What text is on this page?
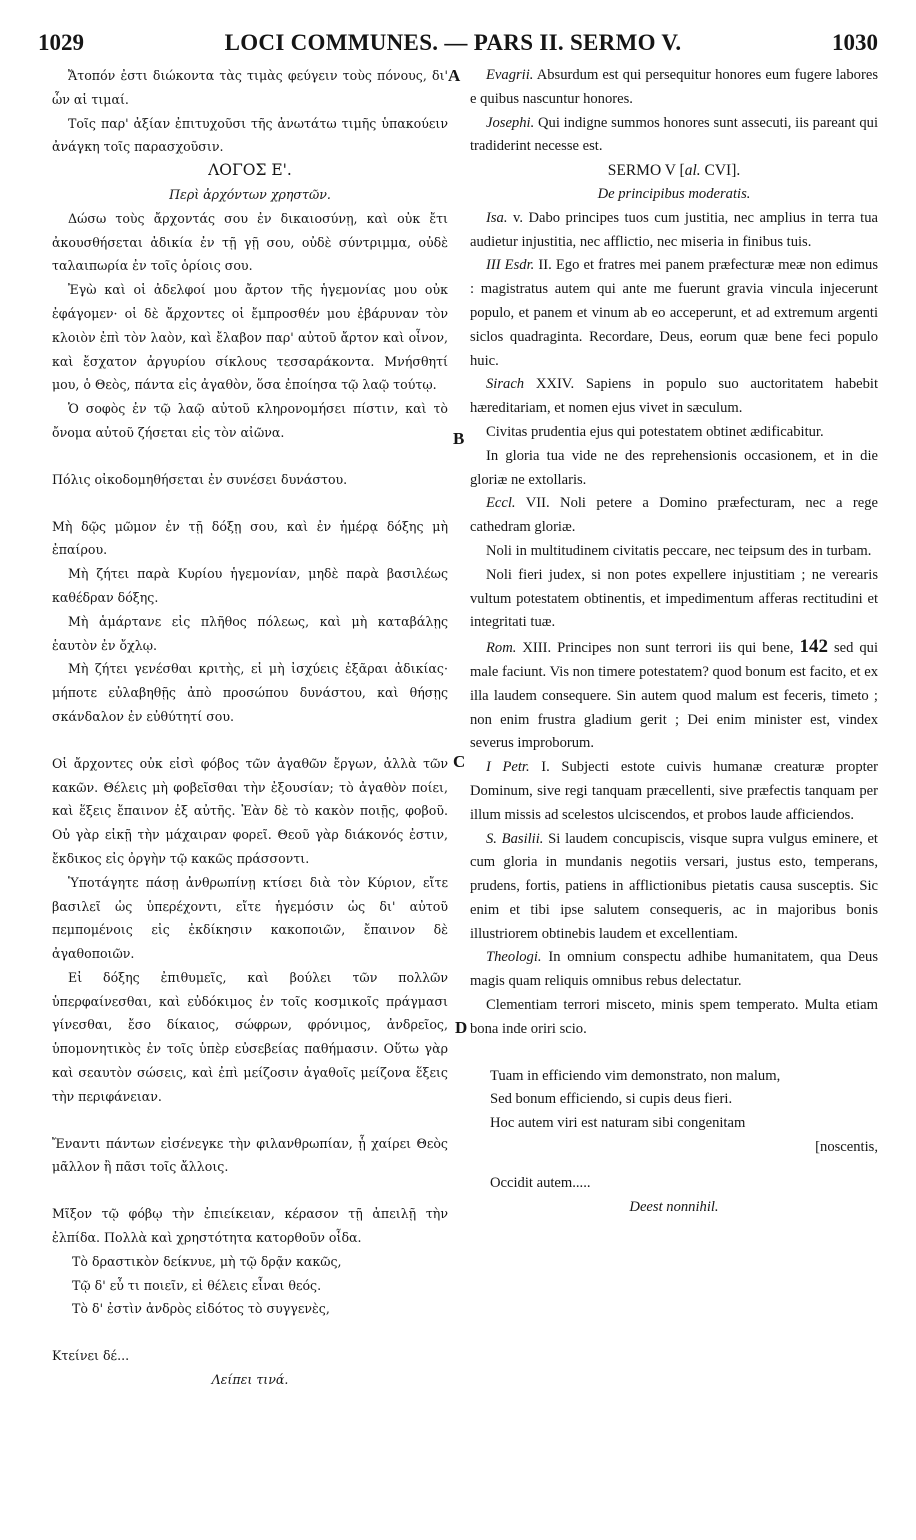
1029	LOCI COMMUNES. — PARS II. SERMO V.	1030
A
B
C
D

Ἄτοπόν ἐστι διώκοντα τὰς τιμὰς φεύγειν τοὺς πόνους, δι' ὧν αἱ τιμαί.

Τοῖς παρ' ἀξίαν ἐπιτυχοῦσι τῆς ἀνωτάτω τιμῆς ὑπακούειν ἀνάγκη τοῖς παρασχοῦσιν.

ΛΟΓΟΣ Ε'.

Περὶ ἀρχόντων χρηστῶν.

Δώσω τοὺς ἄρχοντάς σου ἐν δικαιοσύνῃ, καὶ οὐκ ἔτι ἀκουσθήσεται ἀδικία ἐν τῇ γῇ σου, οὐδὲ σύντριμμα, οὐδὲ ταλαιπωρία ἐν τοῖς ὁρίοις σου.

Ἐγὼ καὶ οἱ ἀδελφοί μου ἄρτον τῆς ἡγεμονίας μου οὐκ ἐφάγομεν· οἱ δὲ ἄρχοντες οἱ ἔμπροσθέν μου ἐβάρυναν τὸν κλοιὸν ἐπὶ τὸν λαὸν, καὶ ἔλαβον παρ' αὐτοῦ ἄρτον καὶ οἶνον, καὶ ἔσχατον ἀργυρίου σίκλους τεσσαράκοντα. Μνήσθητί μου, ὁ Θεὸς, πάντα εἰς ἀγαθὸν, ὅσα ἐποίησα τῷ λαῷ τούτῳ.

Ὁ σοφὸς ἐν τῷ λαῷ αὐτοῦ κληρονομήσει πίστιν, καὶ τὸ ὄνομα αὐτοῦ ζήσεται εἰς τὸν αἰῶνα.

Πόλις οἰκοδομηθήσεται ἐν συνέσει δυνάστου.

Μὴ δῷς μῶμον ἐν τῇ δόξῃ σου, καὶ ἐν ἡμέρᾳ δόξης μὴ ἐπαίρου.

Μὴ ζήτει παρὰ Κυρίου ἡγεμονίαν, μηδὲ παρὰ βασιλέως καθέδραν δόξης.

Μὴ ἁμάρτανε εἰς πλῆθος πόλεως, καὶ μὴ καταβάλῃς ἑαυτὸν ἐν ὄχλῳ.

Μὴ ζήτει γενέσθαι κριτὴς, εἰ μὴ ἰσχύεις ἐξᾶραι ἀδικίας· μήποτε εὐλαβηθῇς ἀπὸ προσώπου δυνάστου, καὶ θήσῃς σκάνδαλον ἐν εὐθύτητί σου.

Οἱ ἄρχοντες οὐκ εἰσὶ φόβος τῶν ἀγαθῶν ἔργων, ἀλλὰ τῶν κακῶν. Θέλεις μὴ φοβεῖσθαι τὴν ἐξουσίαν; τὸ ἀγαθὸν ποίει, καὶ ἕξεις ἔπαινον ἐξ αὐτῆς. Ἐὰν δὲ τὸ κακὸν ποιῇς, φοβοῦ. Οὐ γὰρ εἰκῇ τὴν μάχαιραν φορεῖ. Θεοῦ γὰρ διάκονός ἐστιν, ἔκδικος εἰς ὀργὴν τῷ κακῶς πράσσοντι.

Ὑποτάγητε πάσῃ ἀνθρωπίνῃ κτίσει διὰ τὸν Κύριον, εἴτε βασιλεῖ ὡς ὑπερέχοντι, εἴτε ἡγεμόσιν ὡς δι' αὐτοῦ πεμπομένοις εἰς ἐκδίκησιν κακοποιῶν, ἔπαινον δὲ ἀγαθοποιῶν.

Εἰ δόξης ἐπιθυμεῖς, καὶ βούλει τῶν πολλῶν ὑπερφαίνεσθαι, καὶ εὐδόκιμος ἐν τοῖς κοσμικοῖς πράγμασι γίνεσθαι, ἔσο δίκαιος, σώφρων, φρόνιμος, ἀνδρεῖος, ὑπομονητικὸς ἐν τοῖς ὑπὲρ εὐσεβείας παθήμασιν. Οὕτω γὰρ καὶ σεαυτὸν σώσεις, καὶ ἐπὶ μείζοσιν ἀγαθοῖς μείζονα ἕξεις τὴν περιφάνειαν.

Ἔναντι πάντων εἰσένεγκε τὴν φιλανθρωπίαν, ᾗ χαίρει Θεὸς μᾶλλον ἢ πᾶσι τοῖς ἄλλοις.

Μῖξον τῷ φόβῳ τὴν ἐπιείκειαν, κέρασον τῇ ἀπειλῇ τὴν ἐλπίδα. Πολλὰ καὶ χρηστότητα κατορθοῦν οἶδα.

Τὸ δραστικὸν δείκνυε, μὴ τῷ δρᾷν κακῶς,

Τῷ δ' εὖ τι ποιεῖν, εἰ θέλεις εἶναι θεός.

Τὸ δ' ἐστὶν ἀνδρὸς εἰδότος τὸ συγγενὲς,

Κτείνει δέ...

Λείπει τινά.

Evagrii. Absurdum est qui persequitur honores eum fugere labores e quibus nascuntur honores.

Josephi. Qui indigne summos honores sunt assecuti, iis pareant qui tradiderint necesse est.

SERMO V [al. CVI].

De principibus moderatis.

Isa. v. Dabo principes tuos cum justitia, nec amplius in terra tua audietur injustitia, nec afflictio, nec miseria in finibus tuis.

III Esdr. II. Ego et fratres mei panem præfecturæ meæ non edimus : magistratus autem qui ante me fuerunt gravia vincula injecerunt populo, et panem et vinum ab eo acceperunt, et ad extremum argenti siclos quadraginta. Recordare, Deus, eorum quæ bene feci populo huic.

Sirach XXIV. Sapiens in populo suo auctoritatem habebit hæreditariam, et nomen ejus vivet in sæculum.

Civitas prudentia ejus qui potestatem obtinet ædificabitur.

In gloria tua vide ne des reprehensionis occasionem, et in die gloriæ ne extollaris.

Eccl. VII. Noli petere a Domino præfecturam, nec a rege cathedram gloriæ.

Noli in multitudinem civitatis peccare, nec teipsum des in turbam.

Noli fieri judex, si non potes expellere injustitiam ; ne verearis vultum potestatem obtinentis, et impedimentum afferas rectitudini et integritati tuæ.

Rom. XIII. Principes non sunt terrori iis qui bene, 142 sed qui male faciunt. Vis non timere potestatem? quod bonum est facito, et ex illa laudem consequere. Sin autem quod malum est feceris, timeto ; non enim frustra gladium gerit ; Dei enim minister est, vindex severus improborum.

I Petr. I. Subjecti estote cuivis humanæ creaturæ propter Dominum, sive regi tanquam præcellenti, sive præfectis tanquam per illum missis ad scelestos ulciscendos, et probos laude afficiendos.

S. Basilii. Si laudem concupiscis, visque supra vulgus eminere, et cum gloria in mundanis negotiis versari, justus esto, temperans, prudens, fortis, patiens in afflictionibus pietatis causa susceptis. Sic enim et tibi ipse salutem consequeris, ac in majoribus bonis illustriorem obtinebis laudem et excellentiam.

Theologi. In omnium conspectu adhibe humanitatem, qua Deus magis quam reliquis omnibus rebus delectatur.

Clementiam terrori misceto, minis spem temperato. Multa etiam bona inde oriri scio.

Tuam in efficiendo vim demonstrato, non malum,

Sed bonum efficiendo, si cupis deus fieri.

Hoc autem viri est naturam sibi congenitam

[noscentis,

Occidit autem.....

Deest nonnihil.
